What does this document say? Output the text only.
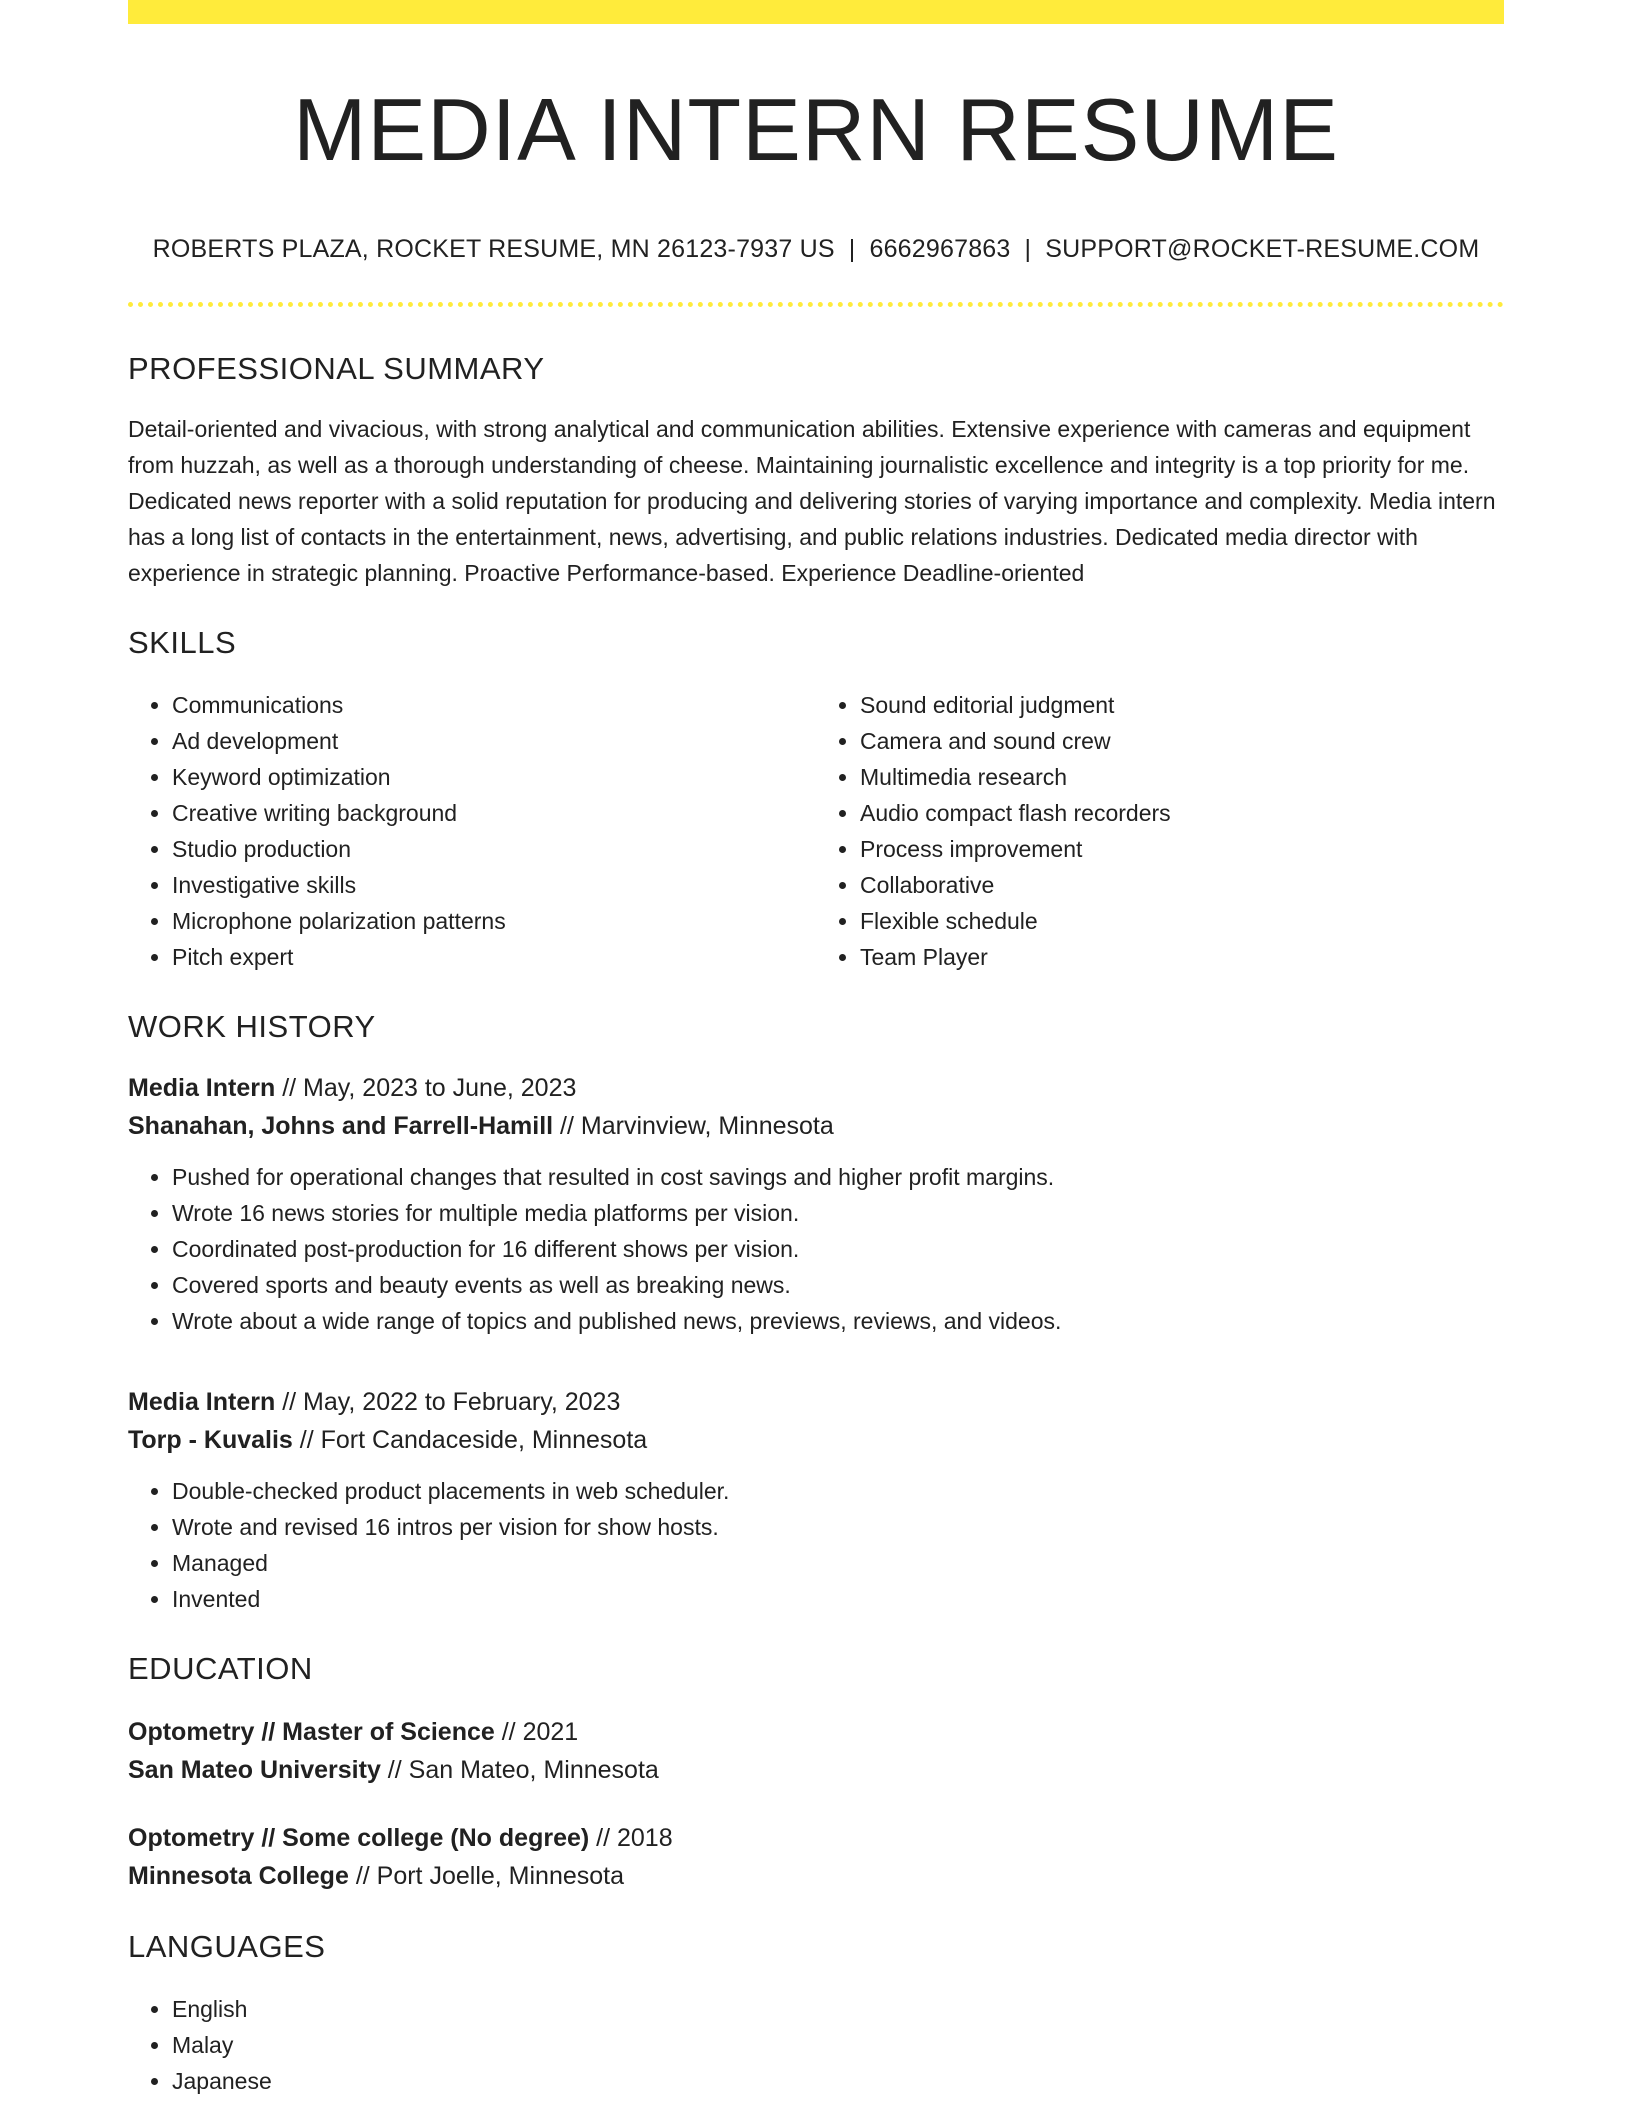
MEDIA INTERN RESUME
ROBERTS PLAZA, ROCKET RESUME, MN 26123-7937 US | 6662967863 | SUPPORT@ROCKET-RESUME.COM
PROFESSIONAL SUMMARY
Detail-oriented and vivacious, with strong analytical and communication abilities. Extensive experience with cameras and equipment from huzzah, as well as a thorough understanding of cheese. Maintaining journalistic excellence and integrity is a top priority for me. Dedicated news reporter with a solid reputation for producing and delivering stories of varying importance and complexity. Media intern has a long list of contacts in the entertainment, news, advertising, and public relations industries. Dedicated media director with experience in strategic planning. Proactive Performance-based. Experience Deadline-oriented
SKILLS
• Communications
• Ad development
• Keyword optimization
• Creative writing background
• Studio production
• Investigative skills
• Microphone polarization patterns
• Pitch expert
• Sound editorial judgment
• Camera and sound crew
• Multimedia research
• Audio compact flash recorders
• Process improvement
• Collaborative
• Flexible schedule
• Team Player
WORK HISTORY
Media Intern // May, 2023 to June, 2023
Shanahan, Johns and Farrell-Hamill // Marvinview, Minnesota
• Pushed for operational changes that resulted in cost savings and higher profit margins.
• Wrote 16 news stories for multiple media platforms per vision.
• Coordinated post-production for 16 different shows per vision.
• Covered sports and beauty events as well as breaking news.
• Wrote about a wide range of topics and published news, previews, reviews, and videos.
Media Intern // May, 2022 to February, 2023
Torp - Kuvalis // Fort Candaceside, Minnesota
• Double-checked product placements in web scheduler.
• Wrote and revised 16 intros per vision for show hosts.
• Managed
• Invented
EDUCATION
Optometry // Master of Science // 2021
San Mateo University // San Mateo, Minnesota
Optometry // Some college (No degree) // 2018
Minnesota College // Port Joelle, Minnesota
LANGUAGES
• English
• Malay
• Japanese
